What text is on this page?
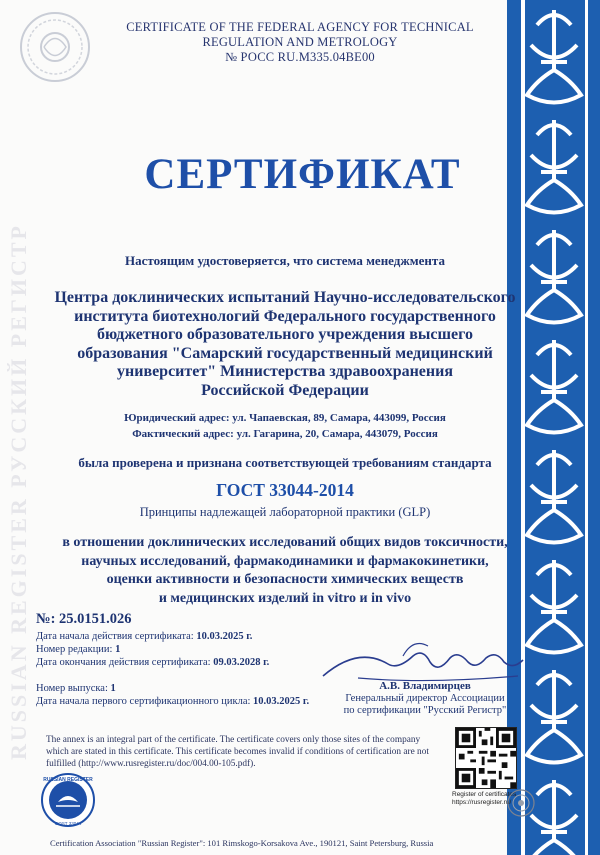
RUSSIAN REGISTER РУССКИЙ РЕГИСТР
CERTIFICATE OF THE FEDERAL AGENCY FOR TECHNICAL
REGULATION AND METROLOGY
№ РОСС RU.М335.04ВЕ00
СЕРТИФИКАТ
Настоящим удостоверяется, что система менеджмента
Центра доклинических испытаний Научно-исследовательского
института биотехнологий Федерального государственного
бюджетного образовательного учреждения высшего
образования "Самарский государственный медицинский
университет" Министерства здравоохранения
Российской Федерации
Юридический адрес: ул. Чапаевская, 89, Самара, 443099, Россия
Фактический адрес: ул. Гагарина, 20, Самара, 443079, Россия
была проверена и признана соответствующей требованиям стандарта
ГОСТ 33044-2014
Принципы надлежащей лабораторной практики (GLP)
в отношении доклинических исследований общих видов токсичности,
научных исследований, фармакодинамики и фармакокинетики,
оценки активности и безопасности химических веществ
и медицинских изделий in vitro и in vivo
№: 25.0151.026
Дата начала действия сертификата: 10.03.2025 г.
Номер редакции: 1
Дата окончания действия сертификата: 09.03.2028 г.
Номер выпуска: 1
Дата начала первого сертификационного цикла: 10.03.2025 г.
А.В. Владимирцев
Генеральный директор Ассоциации
по сертификации "Русский Регистр"
The annex is an integral part of the certificate. The certificate covers only those sites of the company which are stated in this certificate. This certificate becomes invalid if conditions of certification are not fulfilled (http://www.rusregister.ru/doc/004.00-105.pdf).
Register of certificates
https://rusregister.ru/
RUSSIAN REGISTER
GOST 33044
Certification Association "Russian Register": 101 Rimskogo-Korsakova Ave., 190121, Saint Petersburg, Russia
